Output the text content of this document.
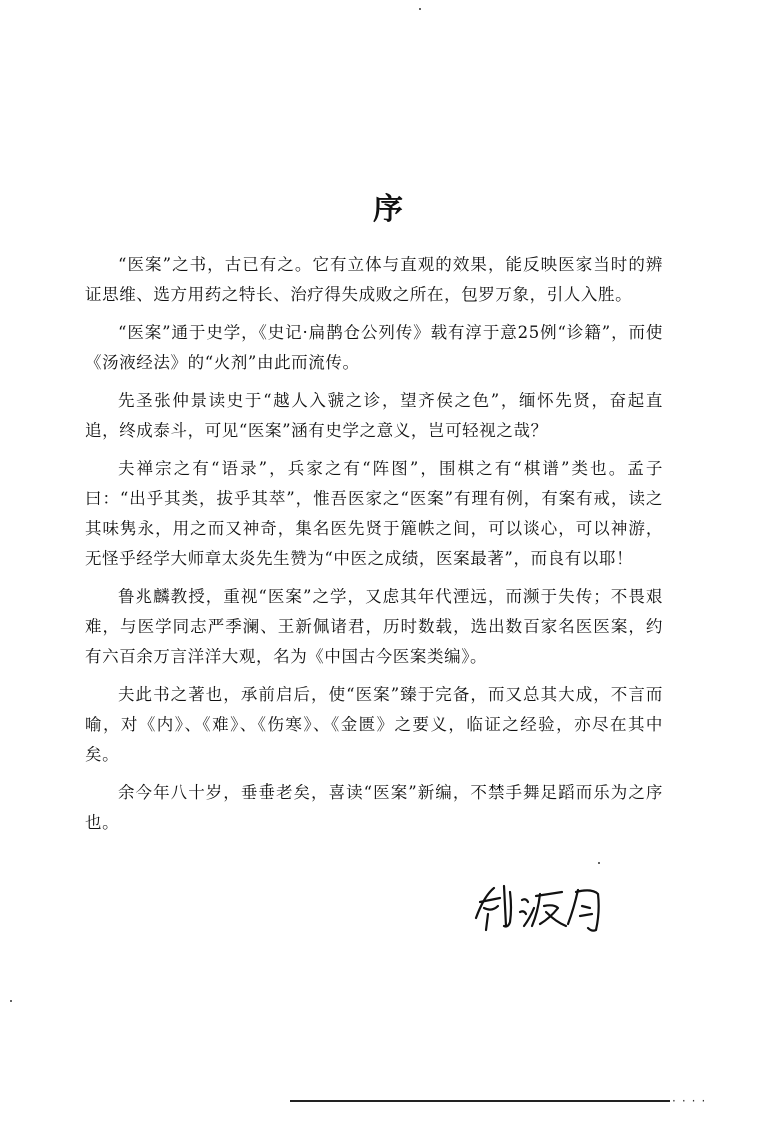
序

“医案”之书，古已有之。它有立体与直观的效果，能反映医家当时的辨证思维、选方用药之特长、治疗得失成败之所在，包罗万象，引人入胜。

“医案”通于史学，《史记·扁鹊仓公列传》载有淳于意25例“诊籍”，而使《汤液经法》的“火剂”由此而流传。

先圣张仲景读史于“越人入虢之诊，望齐侯之色”，缅怀先贤，奋起直追，终成泰斗，可见“医案”涵有史学之意义，岂可轻视之哉？

夫禅宗之有“语录”，兵家之有“阵图”，围棋之有“棋谱”类也。孟子曰：“出乎其类，拔乎其萃”，惟吾医家之“医案”有理有例，有案有戒，读之其味隽永，用之而又神奇，集名医先贤于簏帙之间，可以谈心，可以神游，无怪乎经学大师章太炎先生赞为“中医之成绩，医案最著”，而良有以耶！

鲁兆麟教授，重视“医案”之学，又虑其年代湮远，而濒于失传；不畏艰难，与医学同志严季澜、王新佩诸君，历时数载，选出数百家名医医案，约有六百余万言洋洋大观，名为《中国古今医案类编》。

夫此书之著也，承前启后，使“医案”臻于完备，而又总其大成，不言而喻，对《内》、《难》、《伤寒》、《金匮》之要义，临证之经验，亦尽在其中矣。

余今年八十岁，垂垂老矣，喜读“医案”新编，不禁手舞足蹈而乐为之序也。

····
